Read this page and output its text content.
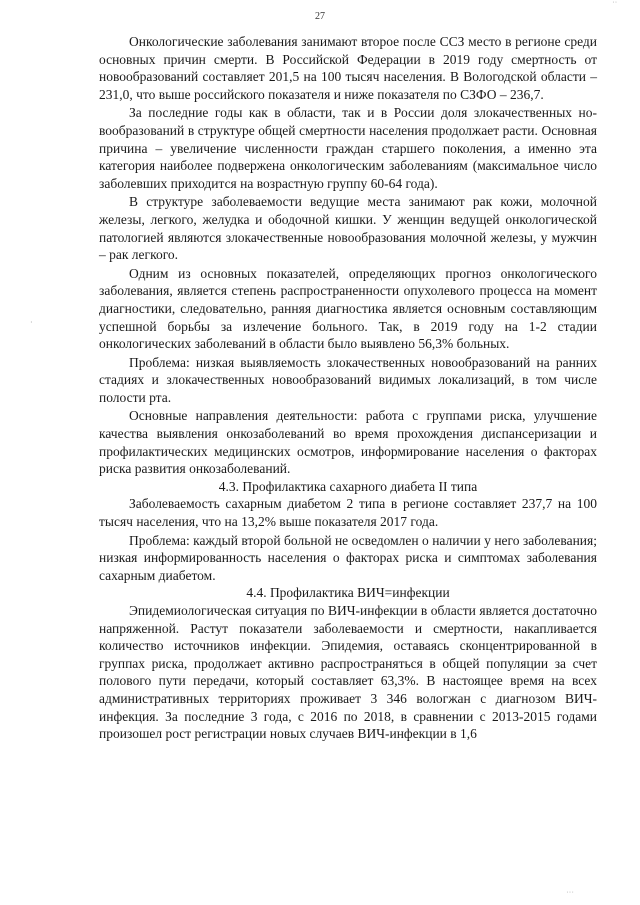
27

Онкологические заболевания занимают второе после ССЗ место в регионе среди основных причин смерти. В Российской Федерации в 2019 году смертность от новообразований составляет 201,5 на 100 тысяч населения. В Вологодской области – 231,0, что выше российского показателя и ниже показателя по СЗФО – 236,7.

За последние годы как в области, так и в России доля злокачественных новообразований в структуре общей смертности населения продолжает расти. Основная причина – увеличение численности граждан старшего поколения, а именно эта категория наиболее подвержена онкологическим заболеваниям (максимальное число заболевших приходится на возрастную группу 60-64 года).

В структуре заболеваемости ведущие места занимают рак кожи, молочной железы, легкого, желудка и ободочной кишки. У женщин ведущей онкологической патологией являются злокачественные новообразования молочной железы, у мужчин – рак легкого.

Одним из основных показателей, определяющих прогноз онкологического заболевания, является степень распространенности опухолевого процесса на момент диагностики, следовательно, ранняя диагностика является основным составляющим успешной борьбы за излечение больного. Так, в 2019 году на 1-2 стадии онкологических заболеваний в области было выявлено 56,3% больных.

Проблема: низкая выявляемость злокачественных новообразований на ранних стадиях и злокачественных новообразований видимых локализаций, в том числе полости рта.

Основные направления деятельности: работа с группами риска, улучшение качества выявления онкозаболеваний во время прохождения диспансеризации и профилактических медицинских осмотров, информирование населения о факторах риска развития онкозаболеваний.

4.3. Профилактика сахарного диабета II типа

Заболеваемость сахарным диабетом 2 типа в регионе составляет 237,7 на 100 тысяч населения, что на 13,2% выше показателя 2017 года.

Проблема: каждый второй больной не осведомлен о наличии у него заболевания; низкая информированность населения о факторах риска и симптомах заболевания сахарным диабетом.

4.4. Профилактика ВИЧ=инфекции

Эпидемиологическая ситуация по ВИЧ-инфекции в области является достаточно напряженной. Растут показатели заболеваемости и смертности, накапливается количество источников инфекции. Эпидемия, оставаясь сконцентрированной в группах риска, продолжает активно распространяться в общей популяции за счет полового пути передачи, который составляет 63,3%. В настоящее время на всех административных территориях проживает 3 346 вологжан с диагнозом ВИЧ-инфекция. За последние 3 года, с 2016 по 2018, в сравнении с 2013-2015 годами произошел рост регистрации новых случаев ВИЧ-инфекции в 1,6

˙˙
·
˙˙˙
